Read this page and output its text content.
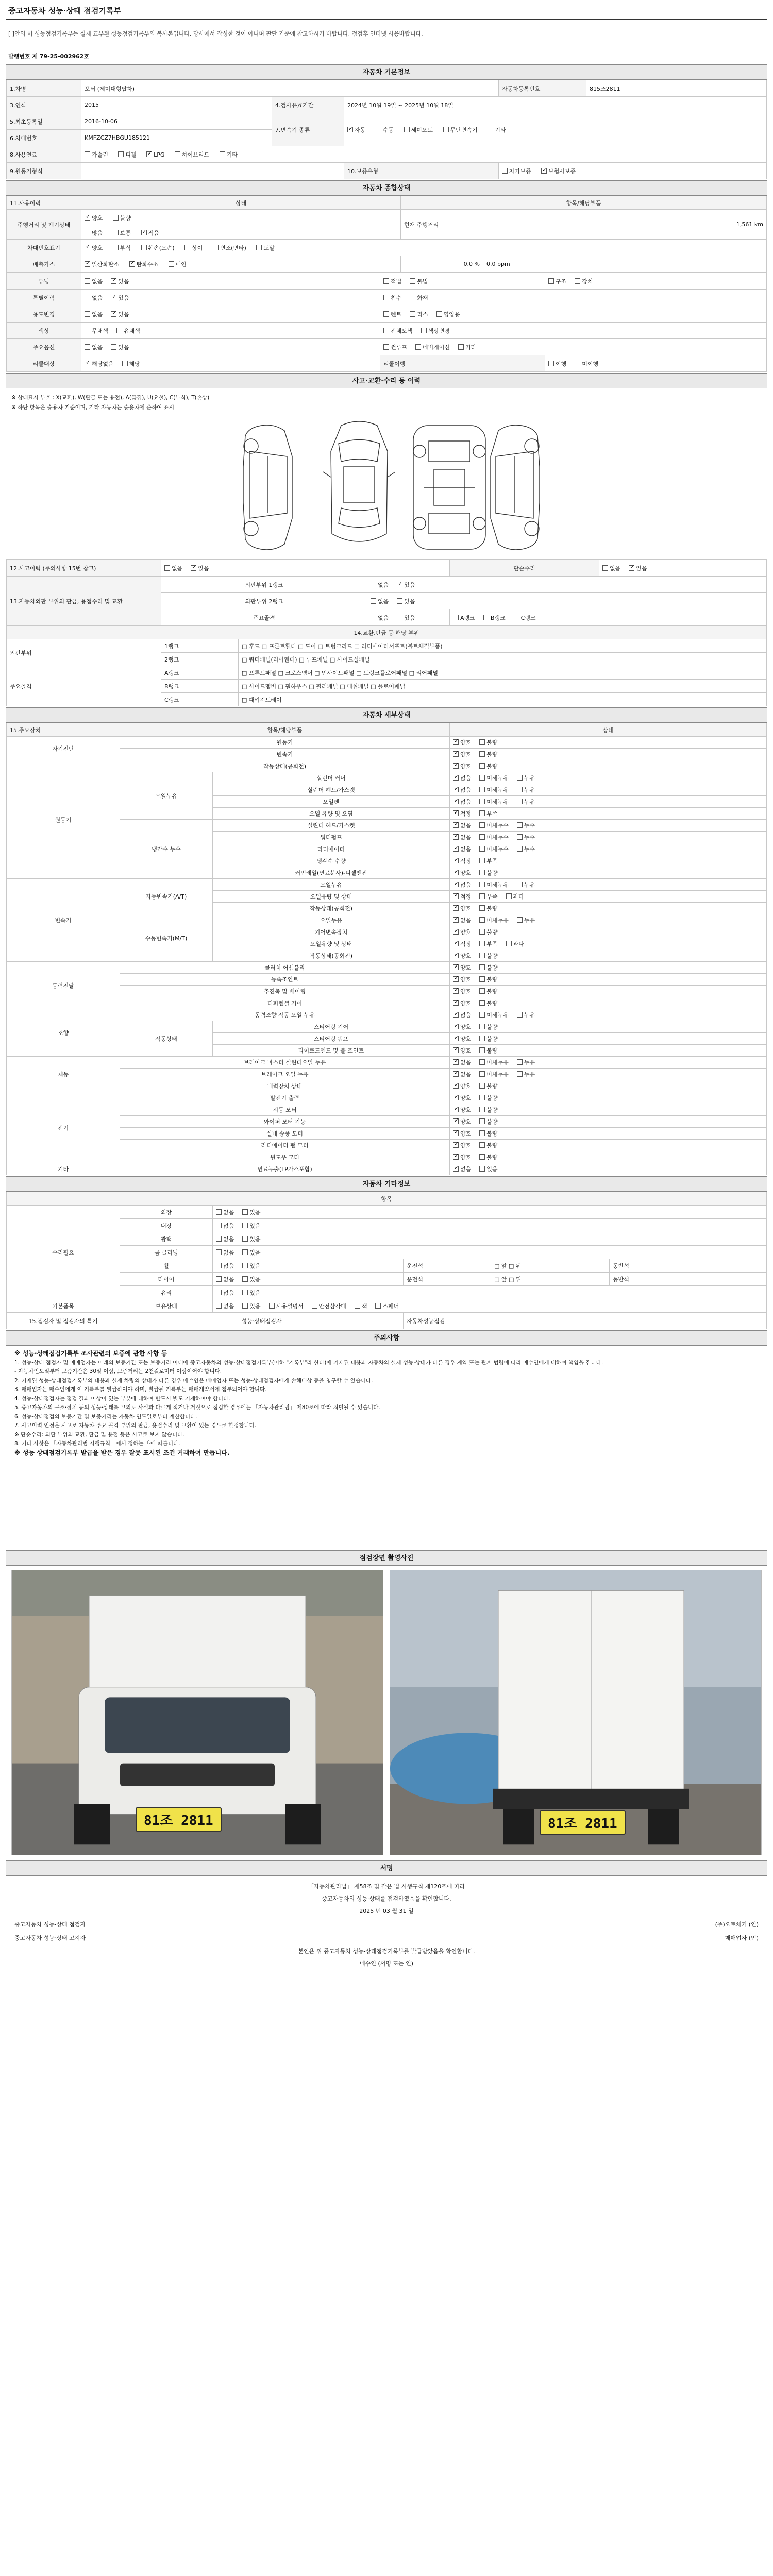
중고자동차 성능·상태 점검기록부
[ ]안의 이 성능점검기록부는 실제 교부된 성능점검기록부의 복사본입니다. 당사에서 작성한 것이 아니며 판단 기준에 참고하시기 바랍니다. 점검후 인터넷 사용바랍니다.
발행번호 제 79-25-002962호
자동차 기본정보
1.차명	포터 (제미대형탑차)			자동차등록번호	815조2811
3.연식	2015	4.검사유효기간	2024년 10월 19일 ~ 2025년 10월 18일		
5.최초등록일	2016-10-06	7.변속기 종류	✓자동 수동 세미오토 무단변속기 기타
6.차대번호	KMFZCZ7HBGU185121				
8.사용연료	가솔린 디젤 ✓ LPG 하이브리드 기타
9.원동기형식			10.보증유형	자가보증 ✓ 보험사보증
자동차 종합상태
11.사용이력	상태	항목/해당부품	
주행거리 및 계기상태	✓양호 불량	현재 주행거리	1,561 km
	많음 보통 ✓ 적음
차대번호표기	✓양호 부식 훼손(오손) 상이 변조(변타) 도말
배출가스	✓일산화탄소 ✓ 탄화수소 매연	0.0 %	0.0 ppm
튜닝	없음 ✓ 있음	적법 불법	구조 장치
특별이력	없음 ✓ 있음	침수 화재	
용도변경	없음 ✓ 있음	렌트 리스 영업용	
색상	무채색 유채색	전체도색 색상변경	
주요옵션	없음 있음	썬루프 네비게이션 기타	
리콜대상	✓해당없음 해당	리콜이행	이행 미이행
사고·교환·수리 등 이력
※ 상태표시 부호 : X(교환), W(판금 또는 용접), A(흠집), U(요철), C(부식), T(손상)
※ 하단 항목은 승용차 기준이며, 기타 자동차는 승용차에 준하여 표시
12.사고이력 (주의사항 15번 참고)	없음 ✓ 있음			단순수리	없음 ✓ 있음
13.자동차외판 부위의 판금, 용접수리 및 교환	외판부위 1랭크		없음 ✓ 있음
	외판부위 2랭크		없음 있음		
	주요골격		없음 있음	A랭크 B랭크 C랭크	
14.교환,판금 등 해당 부위					
외판부위	1랭크	□ 후드 □ 프론트휀더 □ 도어 □ 트렁크리드 □ 라디에이터서포트(볼트체결부품)			
	2랭크	□ 쿼터패널(리어휀더) □ 루프패널 □ 사이드실패널			
주요골격	A랭크	□ 프론트패널 □ 크로스멤버 □ 인사이드패널 □ 트렁크플로어패널 □ 리어패널			
	B랭크	□ 사이드멤버 □ 휠하우스 □ 필러패널 □ 대쉬패널 □ 플로어패널			
	C랭크	□ 패키지트레이			
자동차 세부상태
15.주요장치	항목/해당부품		상태
자기진단	원동기	✓양호 불량
	변속기	✓양호 불량
원동기	작동상태(공회전)	✓양호 불량
	오일누유	실린더 커버	✓없음 미세누유 누유
		실린더 헤드/가스켓	✓없음 미세누유 누유
		오일팬	✓없음 미세누유 누유
		오일 유량 및 오염	✓적정 부족
	냉각수 누수	실린더 헤드/가스켓	✓없음 미세누수 누수
		워터펌프	✓없음 미세누수 누수
		라디에이터	✓없음 미세누수 누수
		냉각수 수량	✓적정 부족
		커먼레일(연료분사)-디젤엔진	✓양호 불량
변속기	자동변속기(A/T)	오일누유	✓없음 미세누유 누유
		오일유량 및 상태	✓적정 부족 과다
		작동상태(공회전)	✓양호 불량
	수동변속기(M/T)	오일누유	✓없음 미세누유 누유
		기어변속장치	✓양호 불량
		오일유량 및 상태	✓적정 부족 과다
		작동상태(공회전)	✓양호 불량
동력전달	클러치 어셈블리	✓양호 불량
	등속조인트	✓양호 불량
	추진축 및 베어링	✓양호 불량
	디퍼렌셜 기어	✓양호 불량
조향	동력조향 작동 오일 누유	✓없음 미세누유 누유
	작동상태	스티어링 기어	✓양호 불량
		스티어링 펌프	✓양호 불량
		타이로드엔드 및 볼 조인트	✓양호 불량
제동	브레이크 마스터 실린더오일 누유	✓없음 미세누유 누유
	브레이크 오일 누유	✓없음 미세누유 누유
	배력장치 상태	✓양호 불량
전기	발전기 출력	✓양호 불량
	시동 모터	✓양호 불량
	와이퍼 모터 기능	✓양호 불량
	실내 송풍 모터	✓양호 불량
	라디에이터 팬 모터	✓양호 불량
	윈도우 모터	✓양호 불량
기타	연료누출(LP가스포함)	✓없음 있음
자동차 기타정보
항목					
수리필요	외장	없음 있음			
	내장	없음 있음			
	광택	없음 있음			
	룸 클리닝	없음 있음			
	휠	없음 있음	운전석	□ 앞 □ 뒤	동반석
	타이어	없음 있음	운전석	□ 앞 □ 뒤	동반석
	유리	없음 있음			
기본품목	보유상태	없음 있음 사용설명서 안전삼각대 잭 스패너			
15.점검자 및 점검자의 특기	성능·상태점검자		자동차성능점검		
주의사항

※ 성능·상태점검기록부 조사관련의 보증에 관한 사항 등

1. 성능·상태 점검자 및 매매업자는 아래의 보증기간 또는 보증거리 이내에 중고자동차의 성능·상태점검기록부(이하 "기록부"라 한다)에 기재된 내용과 자동차의 실제 성능·상태가 다른 경우 계약 또는 관계 법령에 따라 매수인에게 대하여 책임을 집니다.

- 자동차인도일부터 보증기간은 30일 이상, 보증거리는 2천킬로미터 이상이어야 합니다.

2. 기재된 성능·상태점검기록부의 내용과 실제 차량의 상태가 다른 경우 매수인은 매매업자 또는 성능·상태점검자에게 손해배상 등을 청구할 수 있습니다.

3. 매매업자는 매수인에게 이 기록부를 발급하여야 하며, 발급된 기록부는 매매계약서에 첨부되어야 합니다.

4. 성능·상태점검자는 점검 결과 이상이 있는 부분에 대하여 반드시 별도 기재하여야 합니다.

5. 중고자동차의 구조·장치 등의 성능·상태를 고의로 사실과 다르게 적거나 거짓으로 점검한 경우에는 「자동차관리법」 제80조에 따라 처벌될 수 있습니다.

6. 성능·상태점검의 보증기간 및 보증거리는 자동차 인도일로부터 계산합니다.

7. 사고이력 인정은 사고로 자동차 주요 골격 부위의 판금, 용접수리 및 교환이 있는 경우로 한정합니다.

※ 단순수리: 외판 부위의 교환, 판금 및 용접 등은 사고로 보지 않습니다.

8. 기타 사항은 「자동차관리법 시행규칙」에서 정하는 바에 따릅니다.

※ 성능 상태점검기록부 발급을 받은 경우 잘못 표시된 조건 거래하여 만듭니다.

점검장면 촬영사진
81조 2811	81조 2811
서명
「자동차관리법」 제58조 및 같은 법 시행규칙 제120조에 따라
중고자동차의 성능·상태를 점검하였음을 확인합니다.
2025 년 03 월 31 일
중고자동차 성능·상태 점검자	(주)오토체커 (인)
중고자동차 성능·상태 고지자	매매업자 (인)
본인은 위 중고자동차 성능·상태점검기록부를 발급받았음을 확인합니다.
매수인 (서명 또는 인)
